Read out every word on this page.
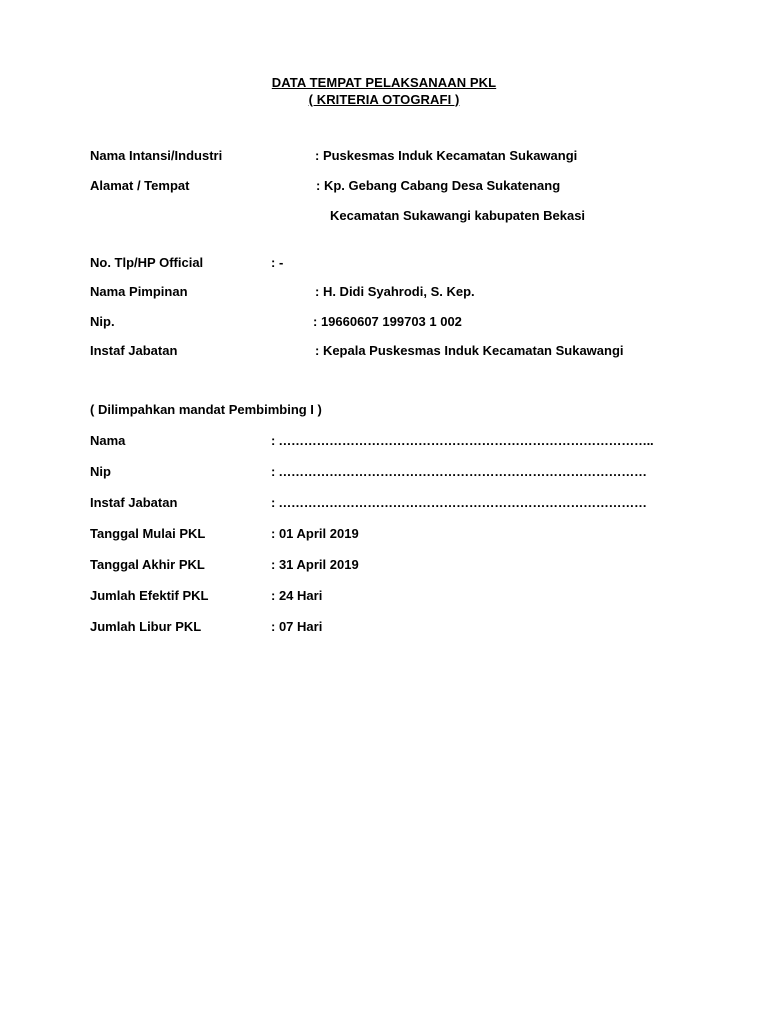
DATA TEMPAT PELAKSANAAN PKL
( KRITERIA OTOGRAFI )
Nama Intansi/Industri	: Puskesmas Induk Kecamatan Sukawangi
Alamat / Tempat	: Kp. Gebang Cabang Desa Sukatenang
Kecamatan Sukawangi kabupaten Bekasi
No. Tlp/HP Official	: -
Nama Pimpinan	: H. Didi Syahrodi, S. Kep.
Nip.	: 19660607 199703 1 002
Instaf Jabatan	: Kepala Puskesmas Induk Kecamatan Sukawangi
( Dilimpahkan mandat Pembimbing I )
Nama	: ……………………………………………………………………………..
Nip	: ……………………………………………………………………………
Instaf Jabatan	: ……………………………………………………………………………
Tanggal Mulai PKL	: 01 April 2019
Tanggal Akhir PKL	: 31 April 2019
Jumlah Efektif PKL	: 24 Hari
Jumlah Libur PKL	: 07 Hari
